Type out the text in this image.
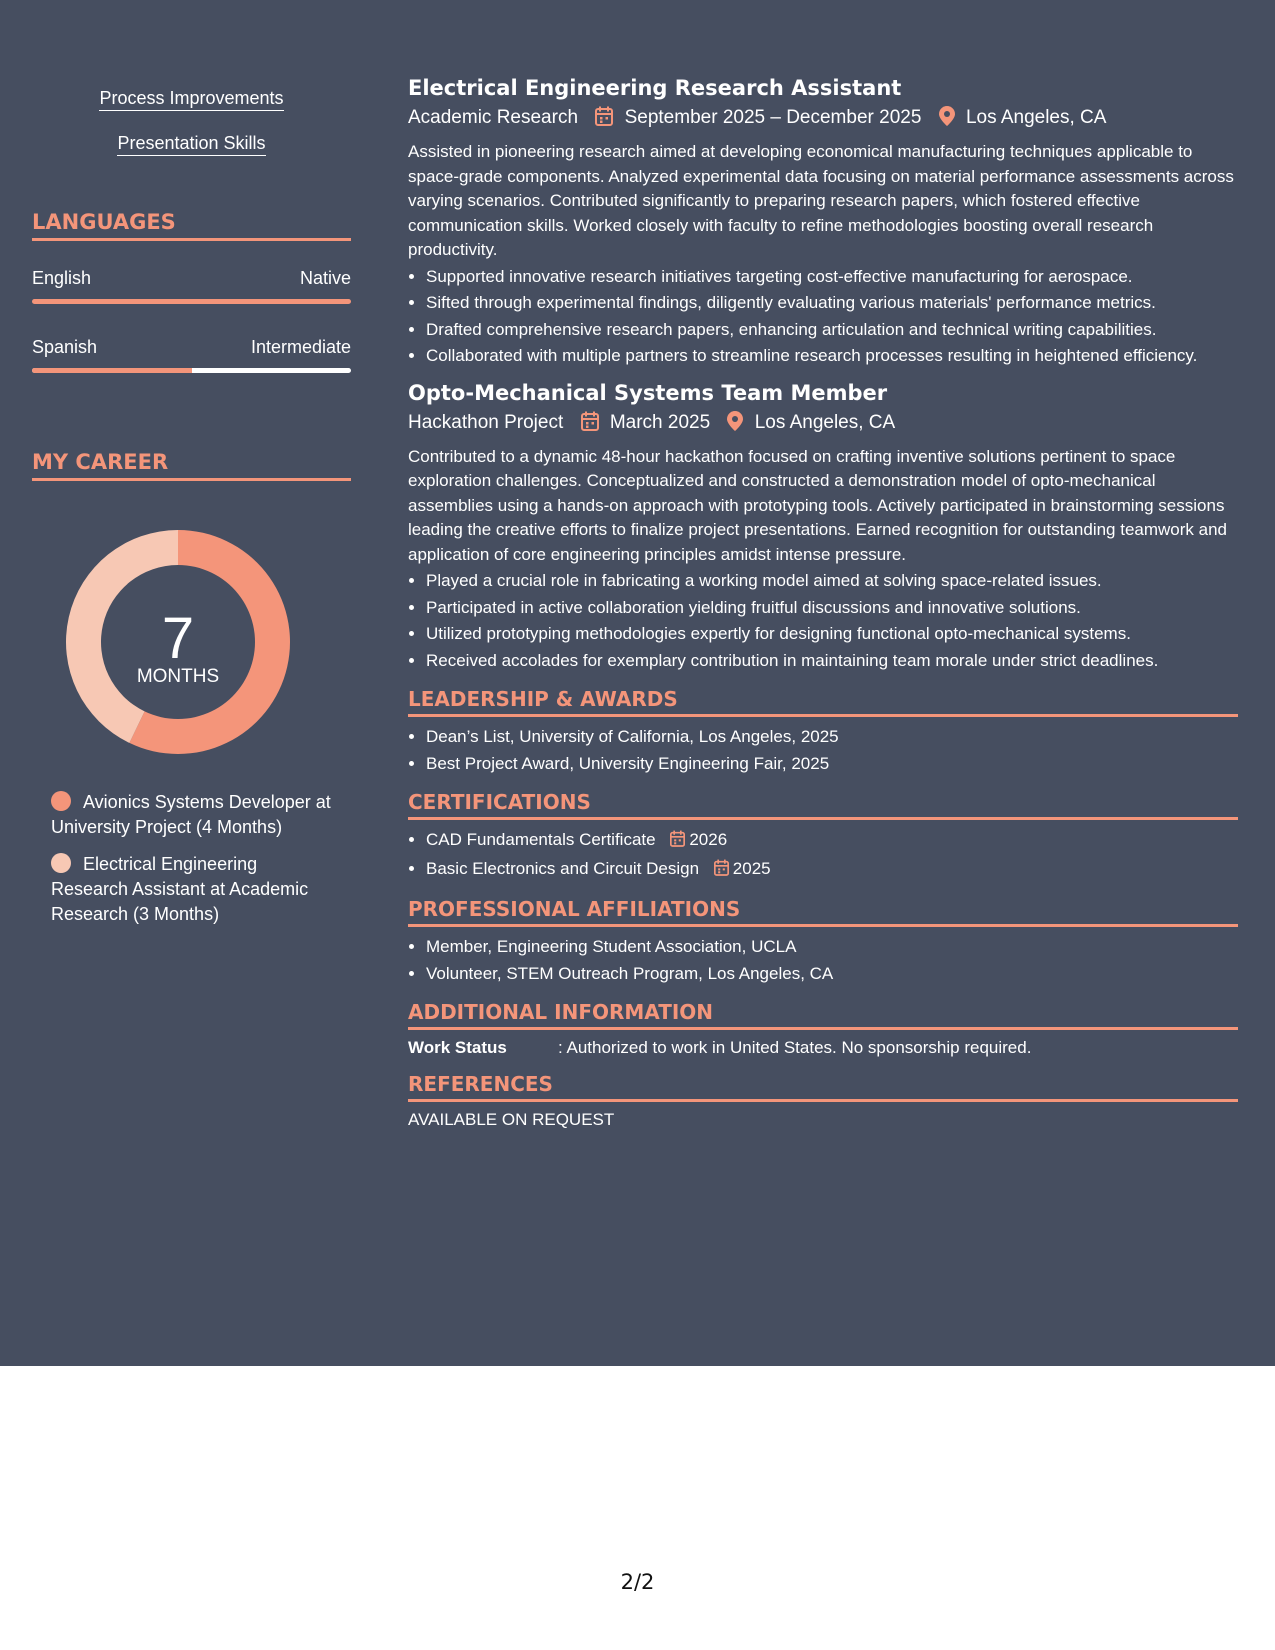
Process Improvements

Presentation Skills

LANGUAGES
English	Native
Spanish	Intermediate
MY CAREER
7
MONTHS
Avionics Systems Developer at University Project (4 Months)
Electrical Engineering Research Assistant at Academic Research (3 Months)

Electrical Engineering Research Assistant

Academic Research September 2025 – December 2025 Los Angeles, CA

Assisted in pioneering research aimed at developing economical manufacturing techniques applicable to space-grade components. Analyzed experimental data focusing on material performance assessments across varying scenarios. Contributed significantly to preparing research papers, which fostered effective communication skills. Worked closely with faculty to refine methodologies boosting overall research productivity.

• Supported innovative research initiatives targeting cost-effective manufacturing for aerospace.
• Sifted through experimental findings, diligently evaluating various materials' performance metrics.
• Drafted comprehensive research papers, enhancing articulation and technical writing capabilities.
• Collaborated with multiple partners to streamline research processes resulting in heightened efficiency.

Opto-Mechanical Systems Team Member

Hackathon Project March 2025 Los Angeles, CA

Contributed to a dynamic 48-hour hackathon focused on crafting inventive solutions pertinent to space exploration challenges. Conceptualized and constructed a demonstration model of opto-mechanical assemblies using a hands-on approach with prototyping tools. Actively participated in brainstorming sessions leading the creative efforts to finalize project presentations. Earned recognition for outstanding teamwork and application of core engineering principles amidst intense pressure.

• Played a crucial role in fabricating a working model aimed at solving space-related issues.
• Participated in active collaboration yielding fruitful discussions and innovative solutions.
• Utilized prototyping methodologies expertly for designing functional opto-mechanical systems.
• Received accolades for exemplary contribution in maintaining team morale under strict deadlines.
LEADERSHIP & AWARDS
• Dean’s List, University of California, Los Angeles, 2025
• Best Project Award, University Engineering Fair, 2025
CERTIFICATIONS
• CAD Fundamentals Certificate 2026
• Basic Electronics and Circuit Design 2025
PROFESSIONAL AFFILIATIONS
• Member, Engineering Student Association, UCLA
• Volunteer, STEM Outreach Program, Los Angeles, CA
ADDITIONAL INFORMATION
Work Status	: Authorized to work in United States. No sponsorship required.
REFERENCES
AVAILABLE ON REQUEST
2/2
